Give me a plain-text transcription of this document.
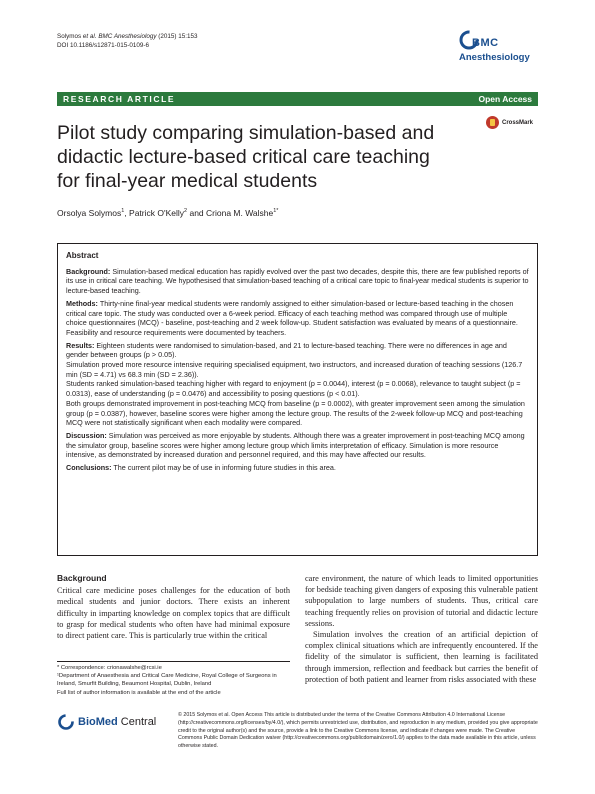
Solymos et al. BMC Anesthesiology (2015) 15:153
DOI 10.1186/s12871-015-0109-6	BMC
Anesthesiology
RESEARCH ARTICLE	Open Access
Pilot study comparing simulation-based and didactic lecture-based critical care teaching for final-year medical students
CrossMark
Orsolya Solymos$^1$, Patrick O'Kelly$^2$ and Criona M. Walshe$^{1*}$
Abstract

Background: Simulation-based medical education has rapidly evolved over the past two decades, despite this, there are few published reports of its use in critical care teaching. We hypothesised that simulation-based teaching of a critical care topic to final-year medical students is superior to lecture-based teaching.

Methods: Thirty-nine final-year medical students were randomly assigned to either simulation-based or lecture-based teaching in the chosen critical care topic. The study was conducted over a 6-week period. Efficacy of each teaching method was compared through use of multiple choice questionnaires (MCQ) - baseline, post-teaching and 2 week follow-up. Student satisfaction was evaluated by means of a questionnaire. Feasibility and resource requirements were documented by teachers.

Results: Eighteen students were randomised to simulation-based, and 21 to lecture-based teaching. There were no differences in age and gender between groups (p > 0.05).

Simulation proved more resource intensive requiring specialised equipment, two instructors, and increased duration of teaching sessions (126.7 min (SD = 4.71) vs 68.3 min (SD = 2.36)).

Students ranked simulation-based teaching higher with regard to enjoyment (p = 0.0044), interest (p = 0.0068), relevance to taught subject (p = 0.0313), ease of understanding (p = 0.0476) and accessibility to posing questions (p < 0.01).

Both groups demonstrated improvement in post-teaching MCQ from baseline (p = 0.0002), with greater improvement seen among the simulation group (p = 0.0387), however, baseline scores were higher among the lecture group. The results of the 2-week follow-up MCQ and post-teaching MCQ were not statistically significant when each modality were compared.

Discussion: Simulation was perceived as more enjoyable by students. Although there was a greater improvement in post-teaching MCQ among the simulator group, baseline scores were higher among lecture group which limits interpretation of efficacy. Simulation is more resource intensive, as demonstrated by increased duration and personnel required, and this may have affected our results.

Conclusions: The current pilot may be of use in informing future studies in this area.

Background

Critical care medicine poses challenges for the education of both medical students and junior doctors. There exists an inherent difficulty in imparting knowledge on complex topics that are difficult to grasp for medical students who often have had minimal exposure to direct patient care. This is particularly true within the critical

care environment, the nature of which leads to limited opportunities for bedside teaching given dangers of exposing this vulnerable patient subpopulation to large numbers of students. Thus, critical care teaching frequently relies on provision of tutorial and didactic lecture sessions.

Simulation involves the creation of an artificial depiction of complex clinical situations which are infrequently encountered. If the fidelity of the simulator is sufficient, then learning is facilitated through immersion, reflection and feedback but carries the benefit of protection of both patient and learner from risks associated with these

* Correspondence: crionawalshe@rcsi.ie
¹Department of Anaesthesia and Critical Care Medicine, Royal College of Surgeons in Ireland, Smurfit Building, Beaumont Hospital, Dublin, Ireland
Full list of author information is available at the end of the article
BioMed Central
© 2015 Solymos et al. Open Access This article is distributed under the terms of the Creative Commons Attribution 4.0 International License (http://creativecommons.org/licenses/by/4.0/), which permits unrestricted use, distribution, and reproduction in any medium, provided you give appropriate credit to the original author(s) and the source, provide a link to the Creative Commons license, and indicate if changes were made. The Creative Commons Public Domain Dedication waiver (http://creativecommons.org/publicdomain/zero/1.0/) applies to the data made available in this article, unless otherwise stated.
